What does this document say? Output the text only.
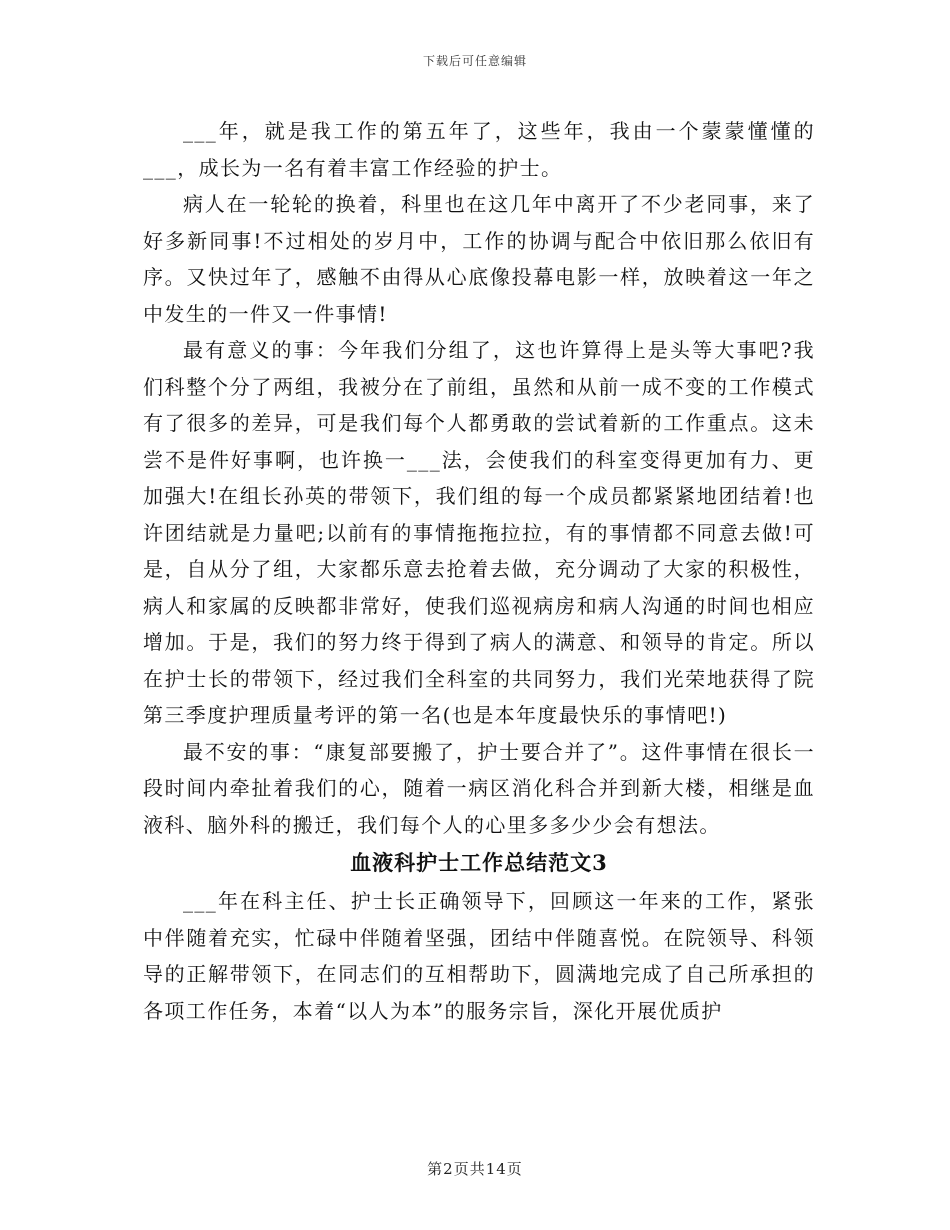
下载后可任意编辑

___年，就是我工作的第五年了，这些年，我由一个蒙蒙懂懂的___，成长为一名有着丰富工作经验的护士。

病人在一轮轮的换着，科里也在这几年中离开了不少老同事，来了好多新同事!不过相处的岁月中，工作的协调与配合中依旧那么依旧有序。又快过年了，感触不由得从心底像投幕电影一样，放映着这一年之中发生的一件又一件事情!

最有意义的事：今年我们分组了，这也许算得上是头等大事吧?我们科整个分了两组，我被分在了前组，虽然和从前一成不变的工作模式有了很多的差异，可是我们每个人都勇敢的尝试着新的工作重点。这未尝不是件好事啊，也许换一___法，会使我们的科室变得更加有力、更加强大!在组长孙英的带领下，我们组的每一个成员都紧紧地团结着!也许团结就是力量吧;以前有的事情拖拖拉拉，有的事情都不同意去做!可是，自从分了组，大家都乐意去抢着去做，充分调动了大家的积极性，病人和家属的反映都非常好，使我们巡视病房和病人沟通的时间也相应增加。于是，我们的努力终于得到了病人的满意、和领导的肯定。所以在护士长的带领下，经过我们全科室的共同努力，我们光荣地获得了院第三季度护理质量考评的第一名(也是本年度最快乐的事情吧!)

最不安的事：“康复部要搬了，护士要合并了”。这件事情在很长一段时间内牵扯着我们的心，随着一病区消化科合并到新大楼，相继是血液科、脑外科的搬迁，我们每个人的心里多多少少会有想法。

血液科护士工作总结范文3

___年在科主任、护士长正确领导下，回顾这一年来的工作，紧张中伴随着充实，忙碌中伴随着坚强，团结中伴随喜悦。在院领导、科领导的正解带领下，在同志们的互相帮助下，圆满地完成了自己所承担的各项工作任务，本着“以人为本”的服务宗旨，深化开展优质护

第2页共14页
